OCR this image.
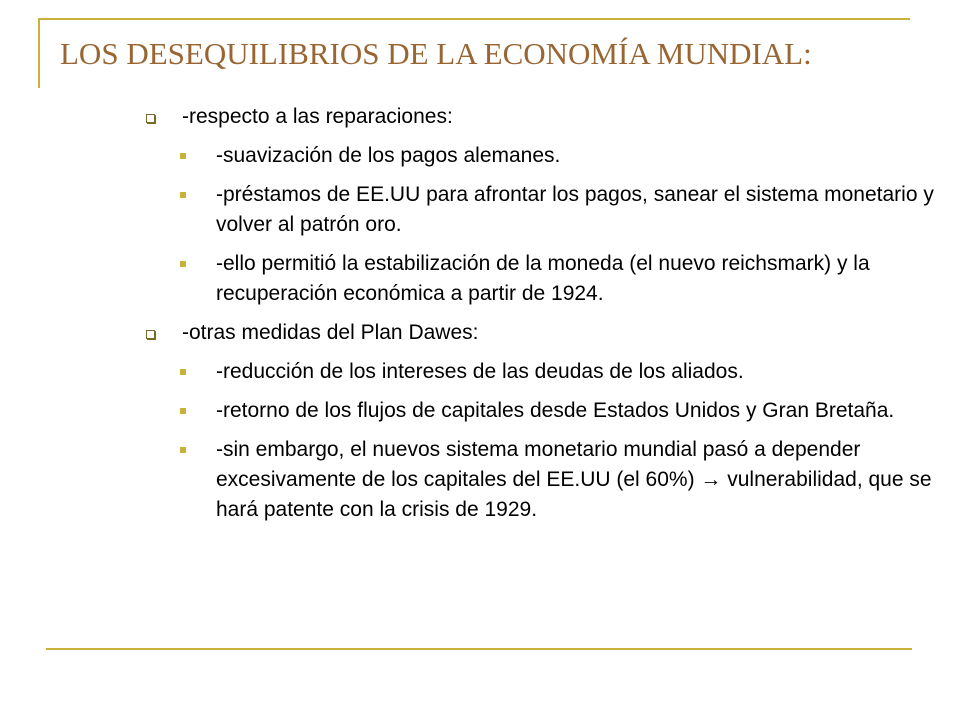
LOS DESEQUILIBRIOS DE LA ECONOMÍA MUNDIAL:
-respecto a las reparaciones:
-suavización de los pagos alemanes.
-préstamos de EE.UU para afrontar los pagos, sanear el sistema monetario y volver al patrón oro.
-ello permitió la estabilización de la moneda (el nuevo reichsmark) y la recuperación económica a partir de 1924.
-otras medidas del Plan Dawes:
-reducción de los intereses de las deudas de los aliados.
-retorno de los flujos de capitales desde Estados Unidos y Gran Bretaña.
-sin embargo, el nuevos sistema monetario mundial pasó a depender excesivamente de los capitales del EE.UU (el 60%) → vulnerabilidad, que se hará patente con la crisis de 1929.
